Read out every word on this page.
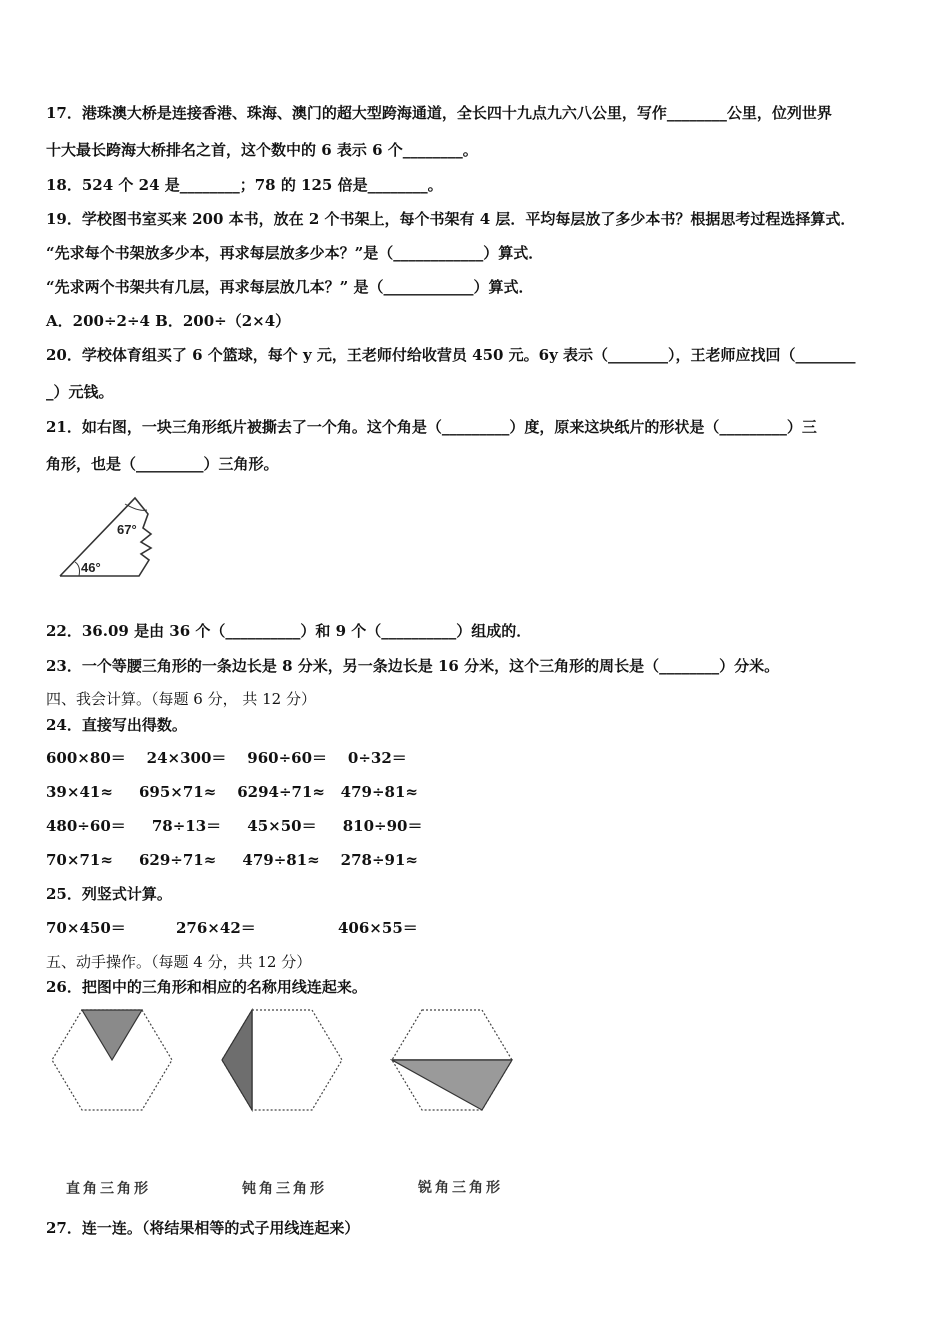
17．港珠澳大桥是连接香港、珠海、澳门的超大型跨海通道，全长四十九点九六八公里，写作________公里，位列世界
十大最长跨海大桥排名之首，这个数中的 6 表示 6 个________。
18．524 个 24 是________；78 的 125 倍是________。
19．学校图书室买来 200 本书，放在 2 个书架上，每个书架有 4 层．平均每层放了多少本书？根据思考过程选择算式．
“先求每个书架放多少本，再求每层放多少本？”是（____________）算式．
“先求两个书架共有几层，再求每层放几本？” 是（____________）算式．
A．200÷2÷4 B．200÷（2×4）
20．学校体育组买了 6 个篮球，每个 y 元，王老师付给收营员 450 元。6y 表示（________），王老师应找回（________
_）元钱。
21．如右图，一块三角形纸片被撕去了一个角。这个角是（_________）度，原来这块纸片的形状是（_________）三
角形，也是（_________）三角形。
67°
46°
22．36.09 是由 36 个（__________）和 9 个（__________）组成的．
23．一个等腰三角形的一条边长是 8 分米，另一条边长是 16 分米，这个三角形的周长是（________）分米。
四、我会计算。（每题 6 分， 共 12 分）
24．直接写出得数。
600×80＝    24×300＝    960÷60＝    0÷32＝
39×41≈     695×71≈    6294÷71≈   479÷81≈
480÷60＝     78÷13＝     45×50＝     810÷90＝
70×71≈     629÷71≈     479÷81≈    278÷91≈
25．列竖式计算。
70×450＝	276×42＝	406×55＝
五、动手操作。（每题 4 分，共 12 分）
26．把图中的三角形和相应的名称用线连起来。
直角三角形	钝角三角形	锐角三角形
27．连一连。（将结果相等的式子用线连起来）
